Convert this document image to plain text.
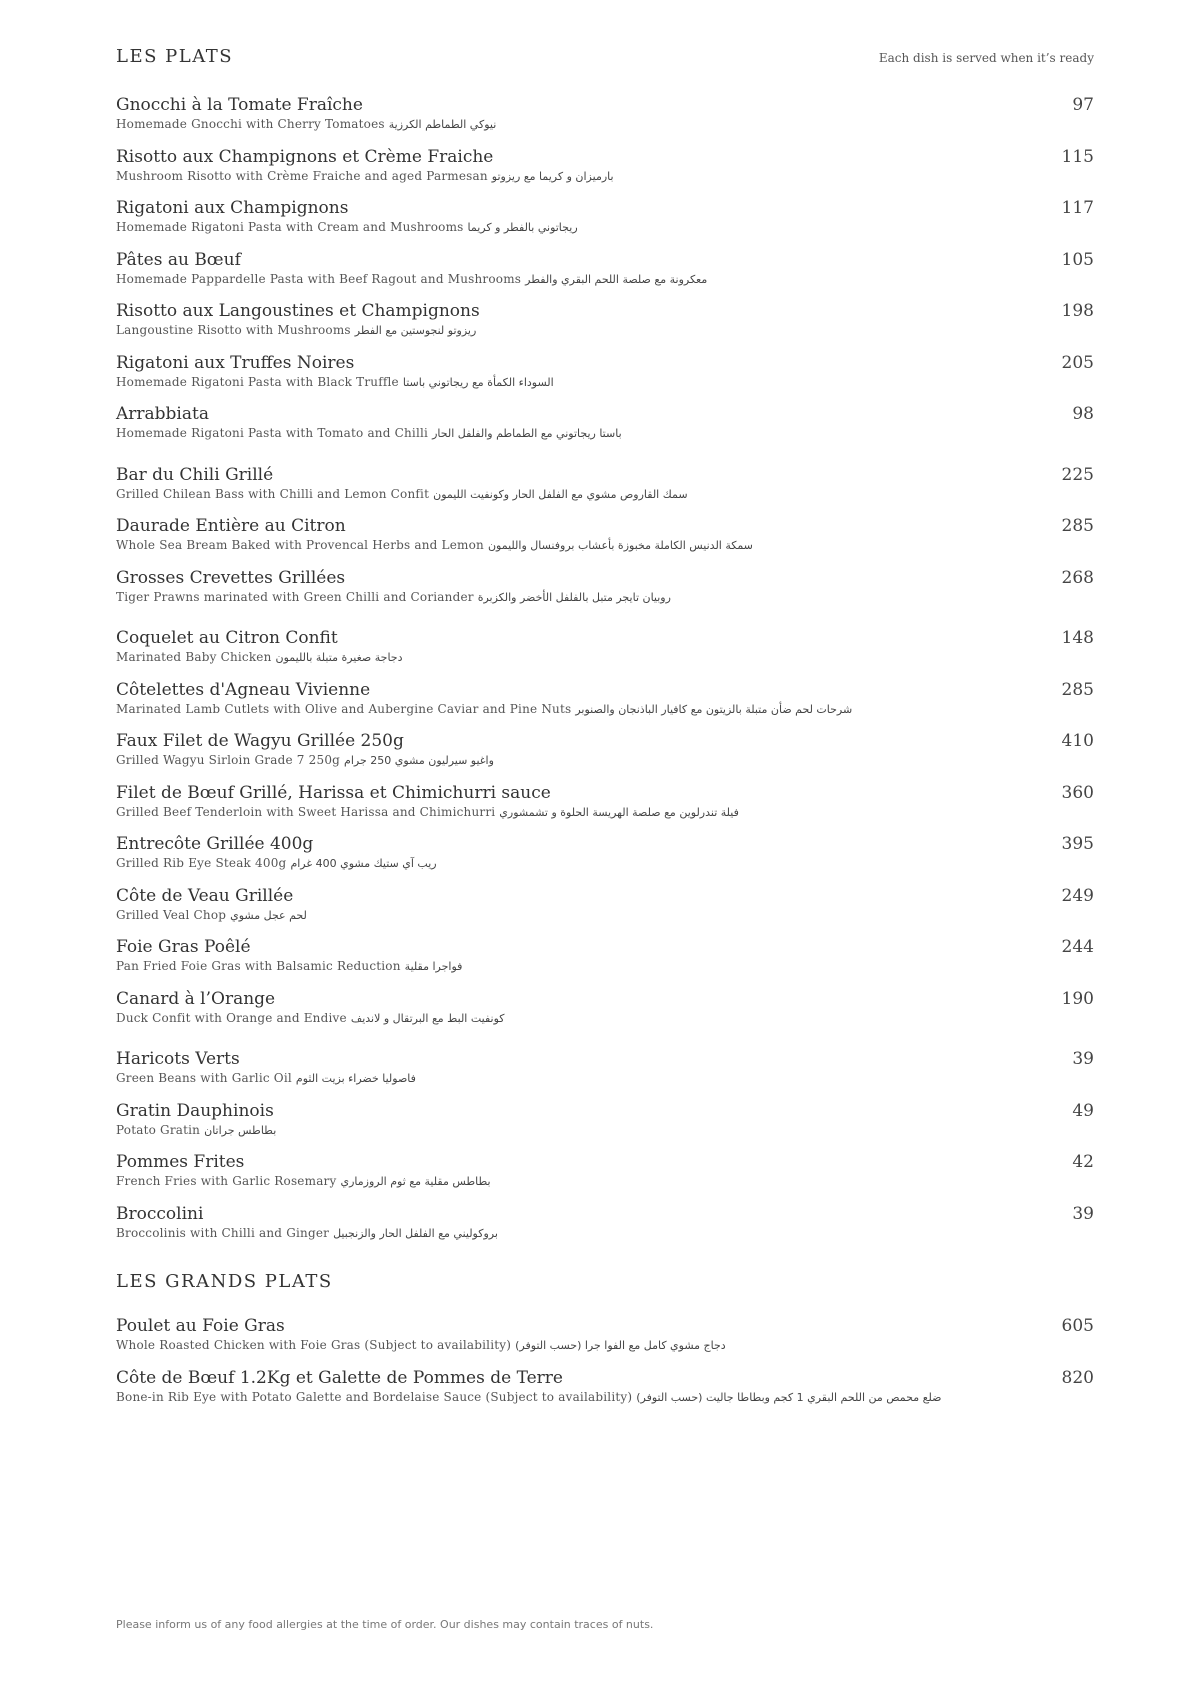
LES PLATS	Each dish is served when it’s ready
Gnocchi à la Tomate Fraîche
Homemade Gnocchi with Cherry Tomatoes نيوكي الطماطم الكرزية
97
Risotto aux Champignons et Crème Fraiche
Mushroom Risotto with Crème Fraiche and aged Parmesan بارميزان و كريما مع ريزوتو
115
Rigatoni aux Champignons
Homemade Rigatoni Pasta with Cream and Mushrooms ريجاتوني بالفطر و كريما
117
Pâtes au Bœuf
Homemade Pappardelle Pasta with Beef Ragout and Mushrooms معكرونة مع صلصة اللحم البقري والفطر
105
Risotto aux Langoustines et Champignons
Langoustine Risotto with Mushrooms ريزوتو لنجوستين مع الفطر
198
Rigatoni aux Truffes Noires
Homemade Rigatoni Pasta with Black Truffle السوداء الكمأة مع ريجاتوني باستا
205
Arrabbiata
Homemade Rigatoni Pasta with Tomato and Chilli باستا ريجاتوني مع الطماطم والفلفل الحار
98
Bar du Chili Grillé
Grilled Chilean Bass with Chilli and Lemon Confit سمك القاروص مشوي مع الفلفل الحار وكونفيت الليمون
225
Daurade Entière au Citron
Whole Sea Bream Baked with Provencal Herbs and Lemon سمكة الدنيس الكاملة مخبوزة بأعشاب بروفنسال والليمون
285
Grosses Crevettes Grillées
Tiger Prawns marinated with Green Chilli and Coriander روبيان تايجر متبل بالفلفل الأخضر والكزبرة
268
Coquelet au Citron Confit
Marinated Baby Chicken دجاجة صغيرة متبلة بالليمون
148
Côtelettes d'Agneau Vivienne
Marinated Lamb Cutlets with Olive and Aubergine Caviar and Pine Nuts شرحات لحم ضأن متبلة بالزيتون مع كافيار الباذنجان والصنوبر
285
Faux Filet de Wagyu Grillée 250g
Grilled Wagyu Sirloin Grade 7 250g واغيو سيرليون مشوي 250 جرام
410
Filet de Bœuf Grillé, Harissa et Chimichurri sauce
Grilled Beef Tenderloin with Sweet Harissa and Chimichurri فيلة تندرلوين مع صلصة الهريسة الحلوة و تشمشوري
360
Entrecôte Grillée 400g
Grilled Rib Eye Steak 400g ريب آي ستيك مشوي 400 غرام
395
Côte de Veau Grillée
Grilled Veal Chop لحم عجل مشوي
249
Foie Gras Poêlé
Pan Fried Foie Gras with Balsamic Reduction فواجرا مقلية
244
Canard à l’Orange
Duck Confit with Orange and Endive كونفيت البط مع البرتقال و لانديف
190
Haricots Verts
Green Beans with Garlic Oil فاصوليا خضراء بزيت الثوم
39
Gratin Dauphinois
Potato Gratin بطاطس جراتان
49
Pommes Frites
French Fries with Garlic Rosemary بطاطس مقلية مع ثوم الروزماري
42
Broccolini
Broccolinis with Chilli and Ginger بروكوليني مع الفلفل الحار والزنجبيل
39
LES GRANDS PLATS
Poulet au Foie Gras
Whole Roasted Chicken with Foie Gras (Subject to availability) دجاج مشوي كامل مع الفوا جرا (حسب التوفر)
605
Côte de Bœuf 1.2Kg et Galette de Pommes de Terre
Bone-in Rib Eye with Potato Galette and Bordelaise Sauce (Subject to availability) ضلع محمص من اللحم البقري 1 كجم وبطاطا جاليت (حسب التوفر)
820
Please inform us of any food allergies at the time of order. Our dishes may contain traces of nuts.
